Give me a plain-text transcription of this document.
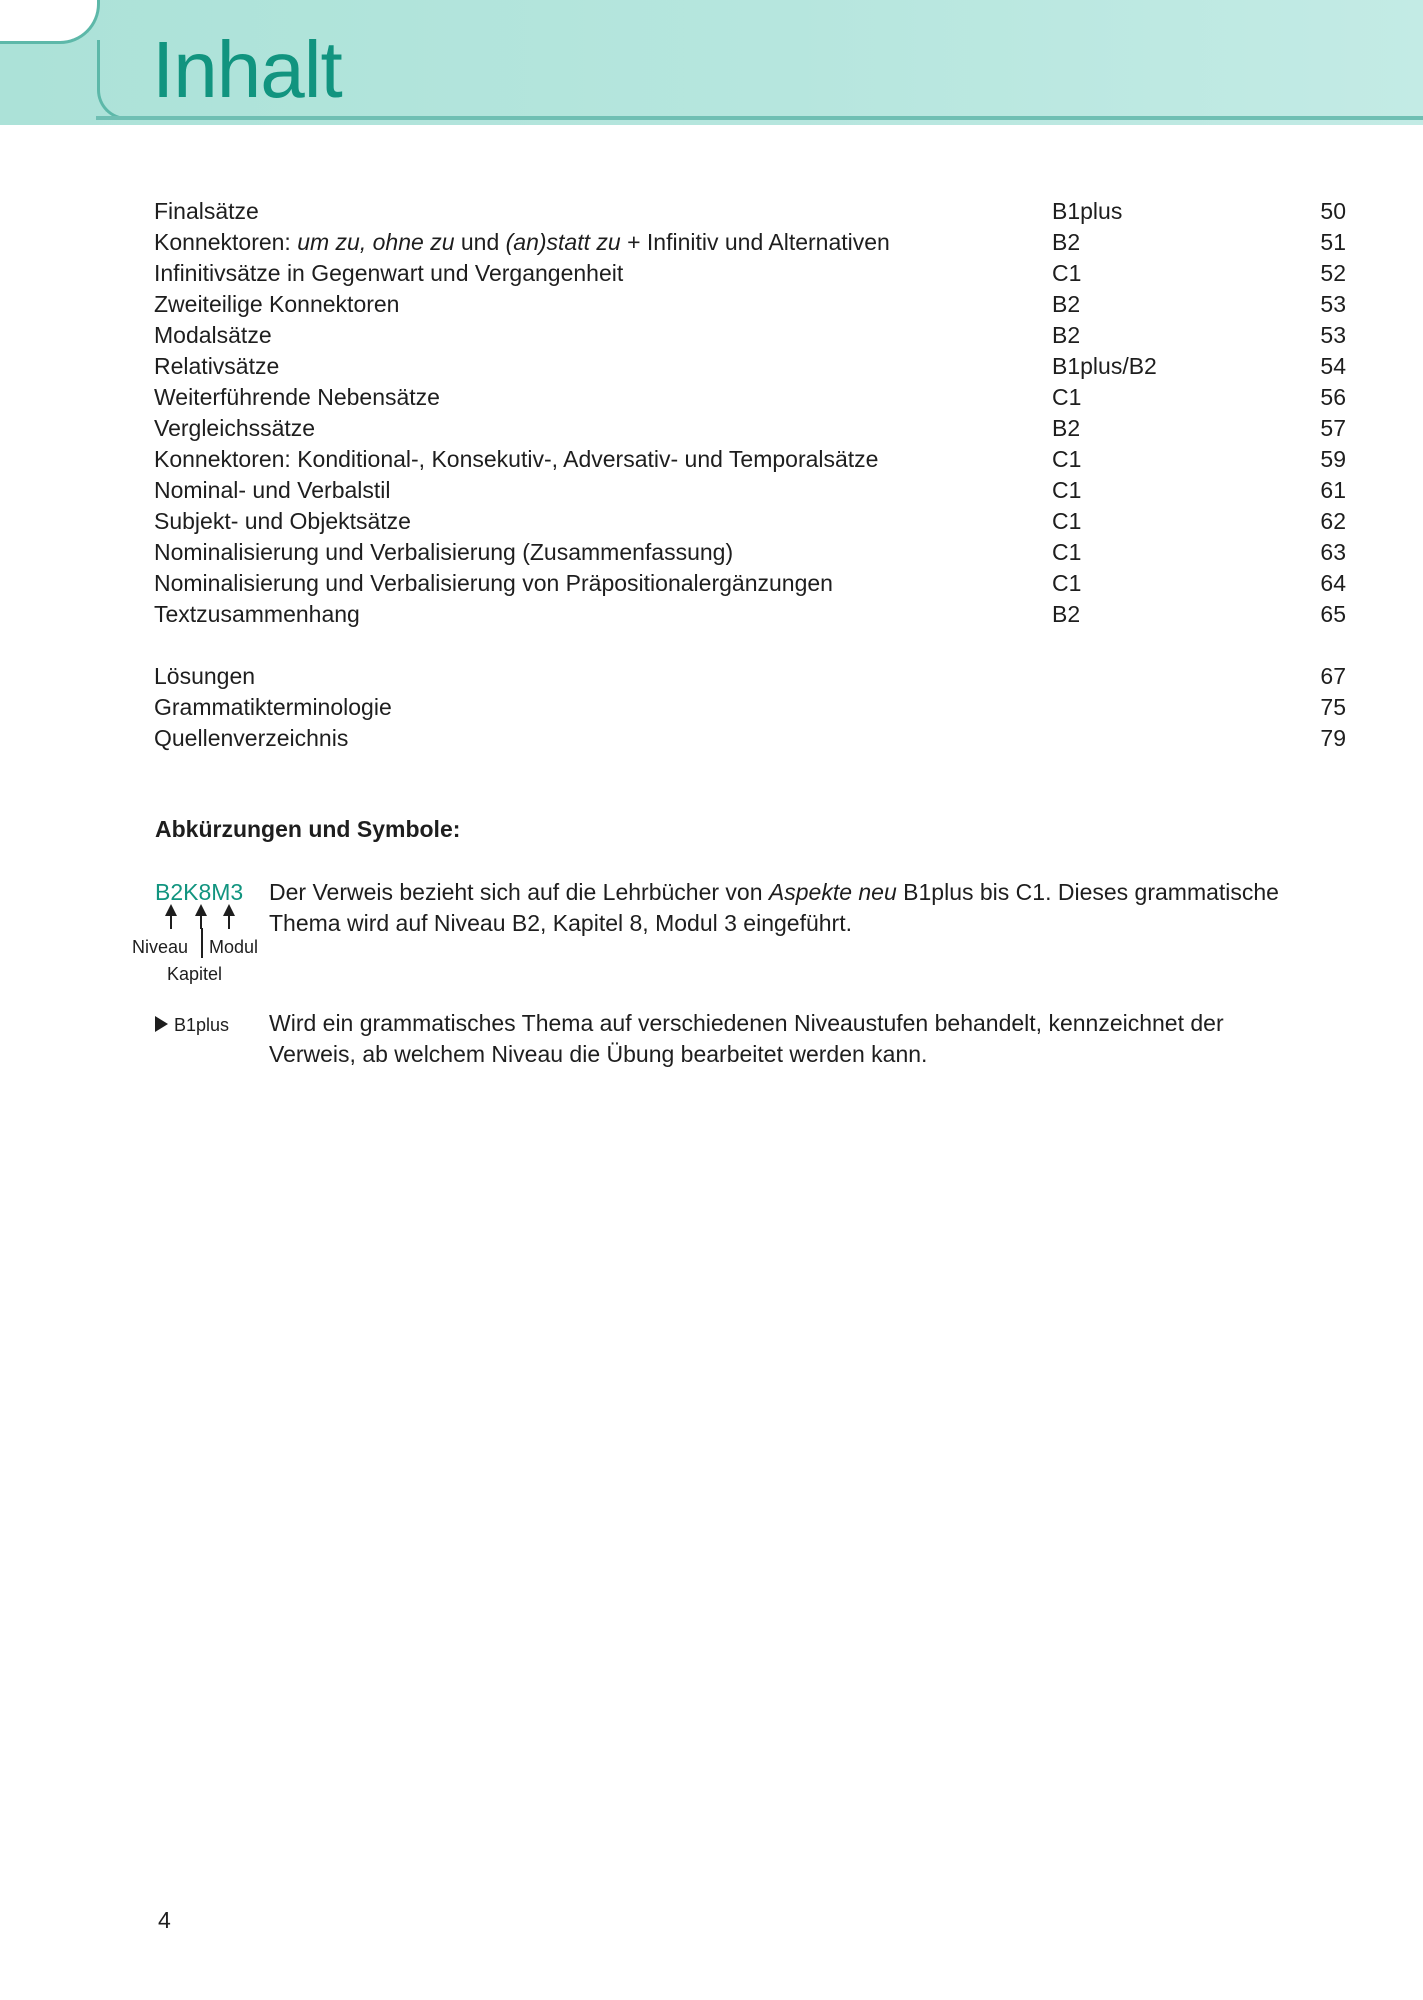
Inhalt
Finalsätze	B1plus	50
Konnektoren: um zu, ohne zu und (an)statt zu + Infinitiv und Alternativen	B2	51
Infinitivsätze in Gegenwart und Vergangenheit	C1	52
Zweiteilige Konnektoren	B2	53
Modalsätze	B2	53
Relativsätze	B1plus/B2	54
Weiterführende Nebensätze	C1	56
Vergleichssätze	B2	57
Konnektoren: Konditional-, Konsekutiv-, Adversativ- und Temporalsätze	C1	59
Nominal- und Verbalstil	C1	61
Subjekt- und Objektsätze	C1	62
Nominalisierung und Verbalisierung (Zusammenfassung)	C1	63
Nominalisierung und Verbalisierung von Präpositionalergänzungen	C1	64
Textzusammenhang	B2	65
Lösungen	67
Grammatikterminologie	75
Quellenverzeichnis	79
Abkürzungen und Symbole:
B2K8M3
Niveau Modul
Kapitel
Der Verweis bezieht sich auf die Lehrbücher von Aspekte neu B1plus bis C1. Dieses grammatische Thema wird auf Niveau B2, Kapitel 8, Modul 3 eingeführt.
B1plus Wird ein grammatisches Thema auf verschiedenen Niveaustufen behandelt, kennzeichnet der Verweis, ab welchem Niveau die Übung bearbeitet werden kann.
4
